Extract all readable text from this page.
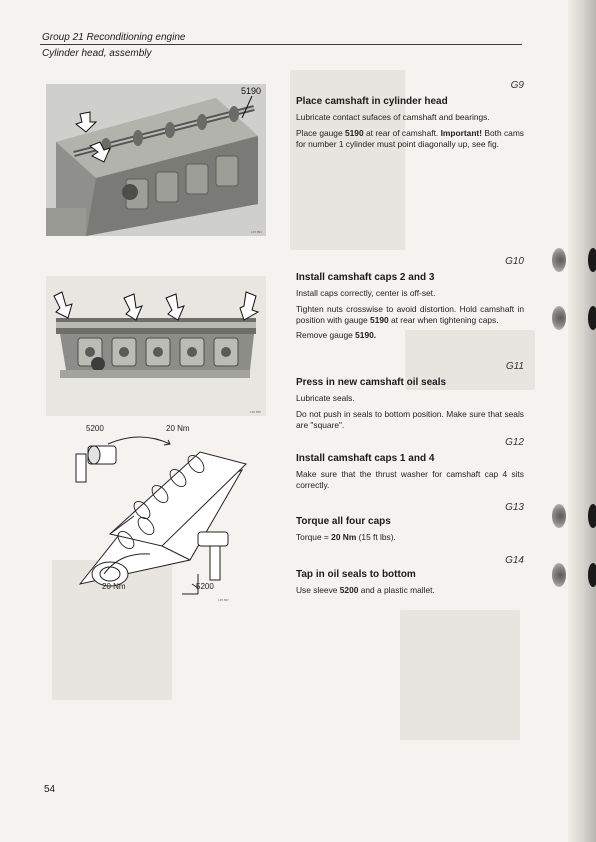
Group 21 Reconditioning engine
Cylinder head, assembly
5190
125 893
125 895
5200	20 Nm
20 Nm	5200
125 897
G9

Place camshaft in cylinder head

Lubricate contact sufaces of camshaft and bearings.

Place gauge 5190 at rear of camshaft. Important! Both cams for number 1 cylinder must point diagonally up, see fig.

G10

Install camshaft caps 2 and 3

Install caps correctly, center is off-set.

Tighten nuts crosswise to avoid distortion. Hold camshaft in position with gauge 5190 at rear when tightening caps.

Remove gauge 5190.

G11

Press in new camshaft oil seals

Lubricate seals.

Do not push in seals to bottom position. Make sure that seals are "square".

G12

Install camshaft caps 1 and 4

Make sure that the thrust washer for camshaft cap 4 sits correctly.

G13

Torque all four caps

Torque = 20 Nm (15 ft lbs).

G14

Tap in oil seals to bottom

Use sleeve 5200 and a plastic mallet.

54
